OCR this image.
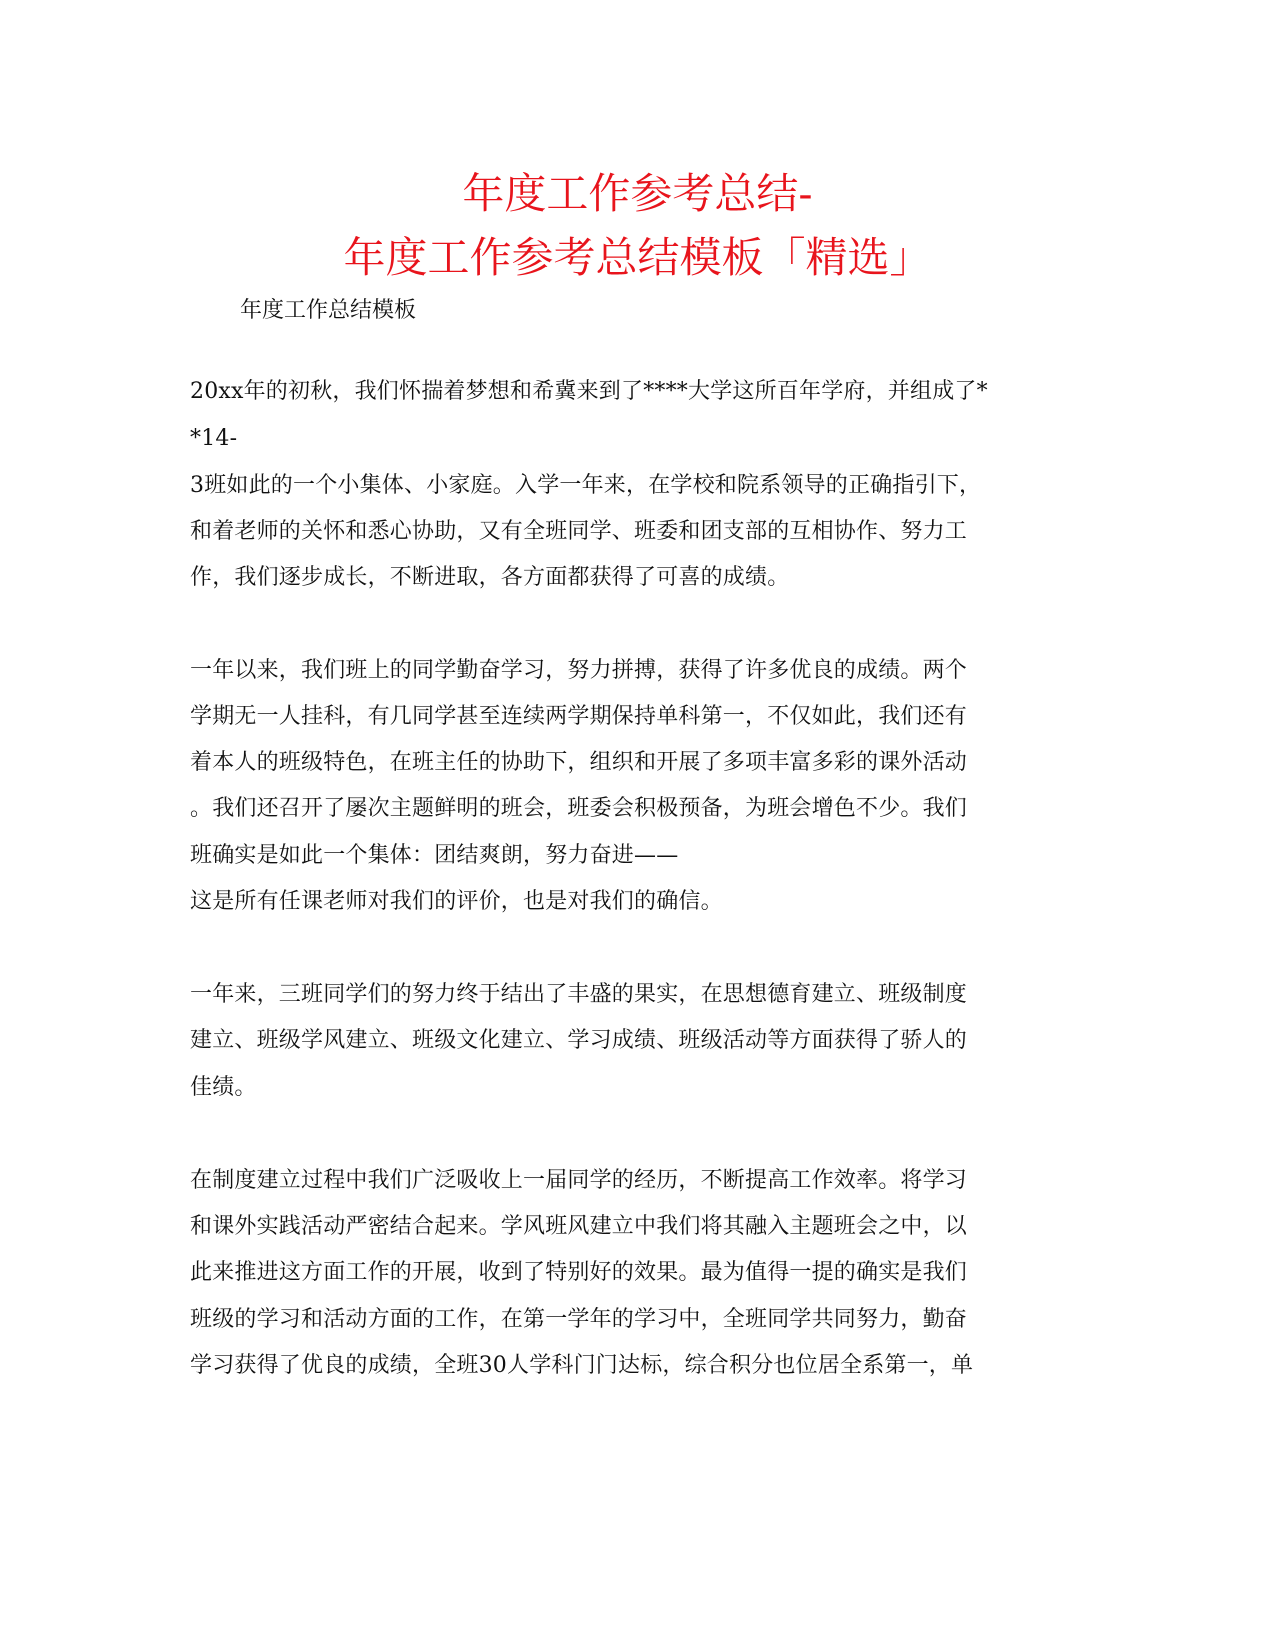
年度工作参考总结-
年度工作参考总结模板「精选」
年度工作总结模板
20xx年的初秋，我们怀揣着梦想和希冀来到了****大学这所百年学府，并组成了*
*14-
3班如此的一个小集体、小家庭。入学一年来，在学校和院系领导的正确指引下，
和着老师的关怀和悉心协助，又有全班同学、班委和团支部的互相协作、努力工
作，我们逐步成长，不断进取，各方面都获得了可喜的成绩。
一年以来，我们班上的同学勤奋学习，努力拼搏，获得了许多优良的成绩。两个
学期无一人挂科，有几同学甚至连续两学期保持单科第一，不仅如此，我们还有
着本人的班级特色，在班主任的协助下，组织和开展了多项丰富多彩的课外活动
。我们还召开了屡次主题鲜明的班会，班委会积极预备，为班会增色不少。我们
班确实是如此一个集体：团结爽朗，努力奋进——
这是所有任课老师对我们的评价，也是对我们的确信。
一年来，三班同学们的努力终于结出了丰盛的果实，在思想德育建立、班级制度
建立、班级学风建立、班级文化建立、学习成绩、班级活动等方面获得了骄人的
佳绩。
在制度建立过程中我们广泛吸收上一届同学的经历，不断提高工作效率。将学习
和课外实践活动严密结合起来。学风班风建立中我们将其融入主题班会之中，以
此来推进这方面工作的开展，收到了特别好的效果。最为值得一提的确实是我们
班级的学习和活动方面的工作，在第一学年的学习中，全班同学共同努力，勤奋
学习获得了优良的成绩，全班30人学科门门达标，综合积分也位居全系第一，单
